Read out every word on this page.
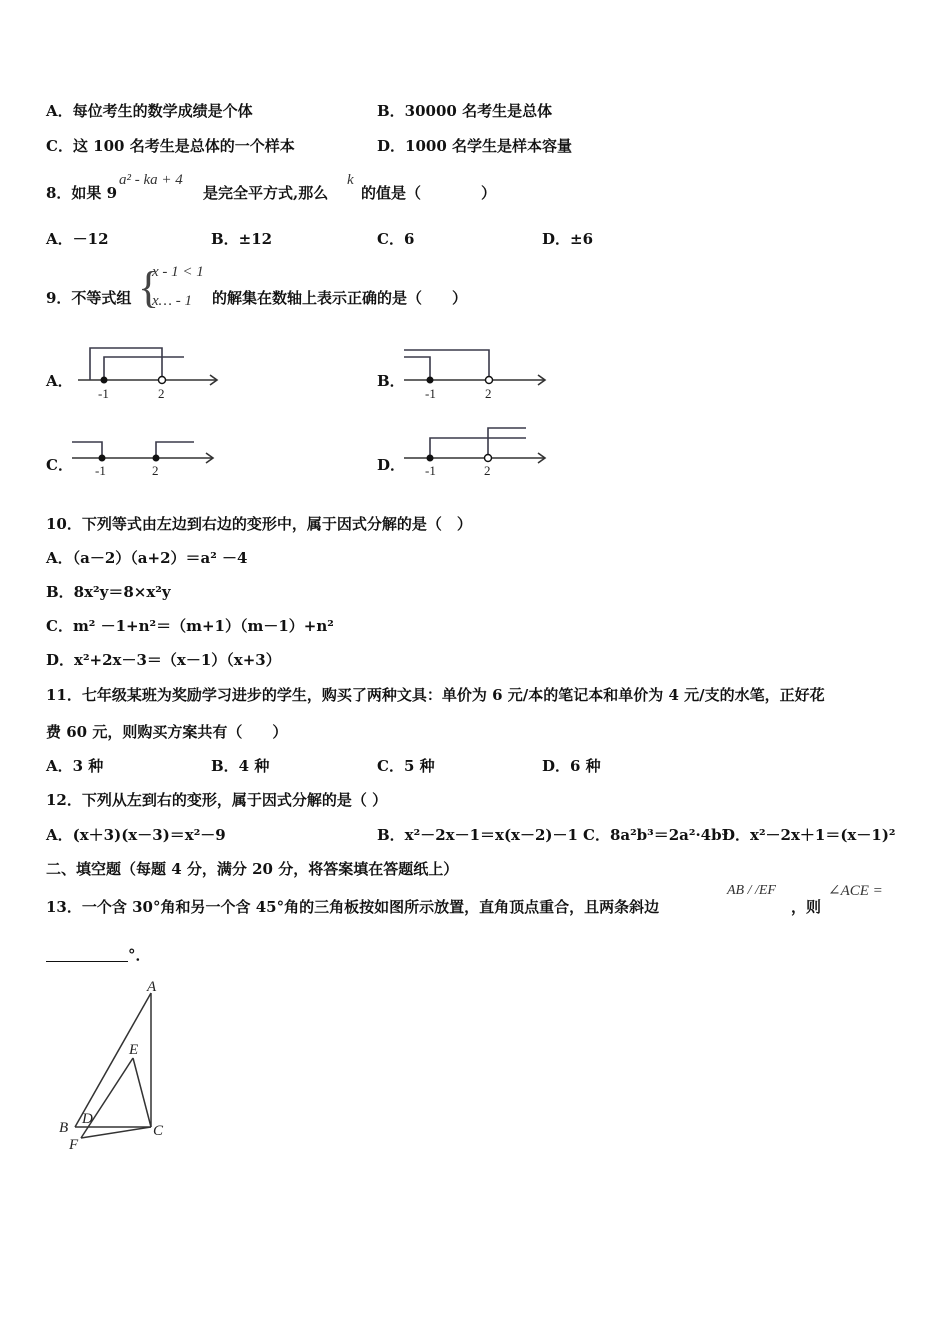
A．每位考生的数学成绩是个体	B．30000 名考生是总体
C．这 100 名考生是总体的一个样本	D．1000 名学生是样本容量
8．如果 9
a² - ka + 4
是完全平方式,那么
k
的值是（　　　　）
A．－12	B．±12	C．6	D．±6
9．不等式组 {
x - 1 < 1
x… - 1 的解集在数轴上表示正确的是（　　）
A．	B．
C．	D．
-1	2	-1	2
-1	2	-1	2
10．下列等式由左边到右边的变形中，属于因式分解的是（　）
A．（a－2）（a+2）＝a² －4
B．8x²y＝8×x²y
C．m² －1+n²＝（m+1）（m－1）+n²
D．x²+2x－3＝（x－1）（x+3）
11．七年级某班为奖励学习进步的学生，购买了两种文具：单价为 6 元/本的笔记本和单价为 4 元/支的水笔，正好花
费 60 元，则购买方案共有（　　）
A．3 种	B．4 种	C．5 种	D．6 种
12．下列从左到右的变形，属于因式分解的是（ ）
A．(x＋3)(x－3)＝x²－9	B．x²－2x－1＝x(x－2)－1 C．8a²b³＝2a²·4b³
D．x²－2x＋1＝(x－1)²
二、填空题（每题 4 分，满分 20 分，将答案填在答题纸上）
13．一个含 30°角和另一个含 45°角的三角板按如图所示放置，直角顶点重合，且两条斜边
AB / /EF
，则
∠ACE =
°．
A
B	C
D
E
F
